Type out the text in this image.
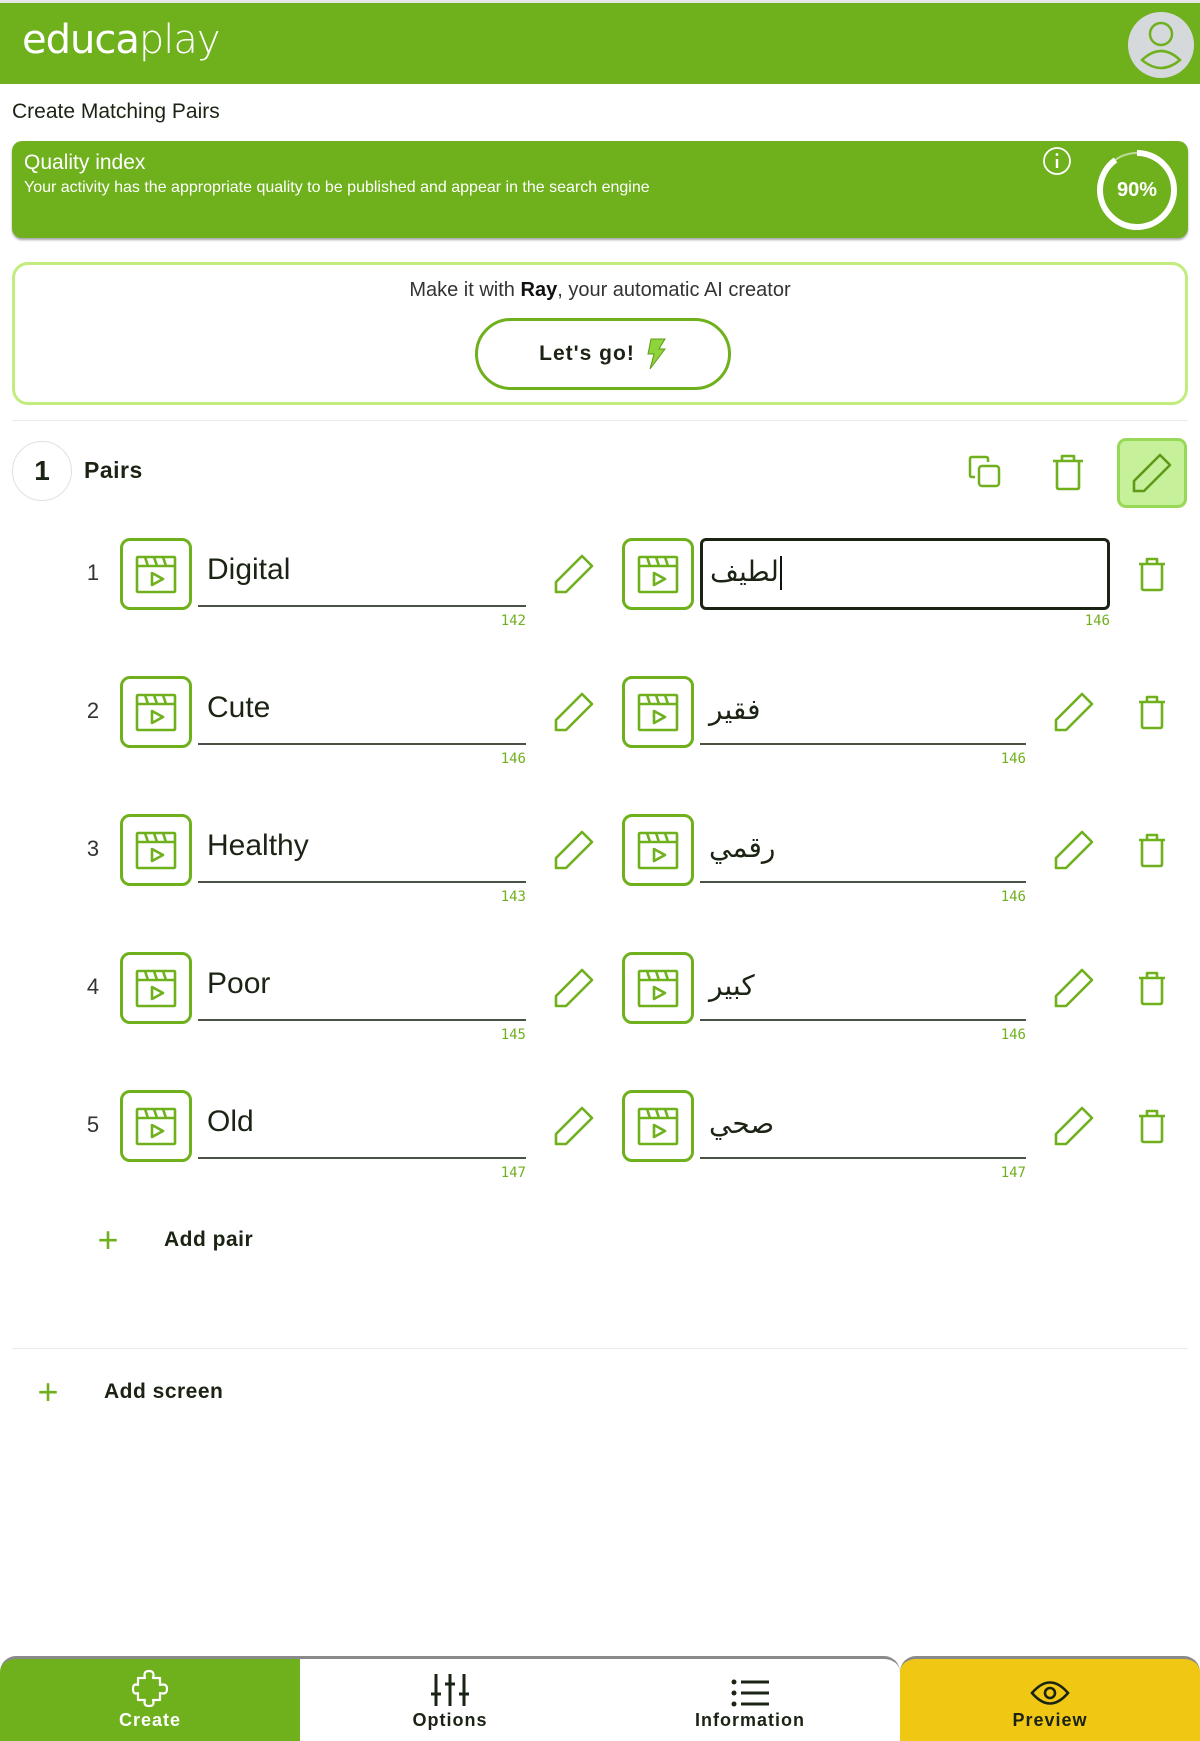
educaplay
Create Matching Pairs
Quality index
Your activity has the appropriate quality to be published and appear in the search engine	90%
Make it with Ray, your automatic AI creator
Let's go!
1	Pairs
1	Digital
142
لطيف
146
2	Cute
146
فقير
146
3	Healthy
143
رقمي
146
4	Poor
145
كبير
146
5	Old
147
صحي
147
+	Add pair
+	Add screen
Create	Options	Information	Preview
